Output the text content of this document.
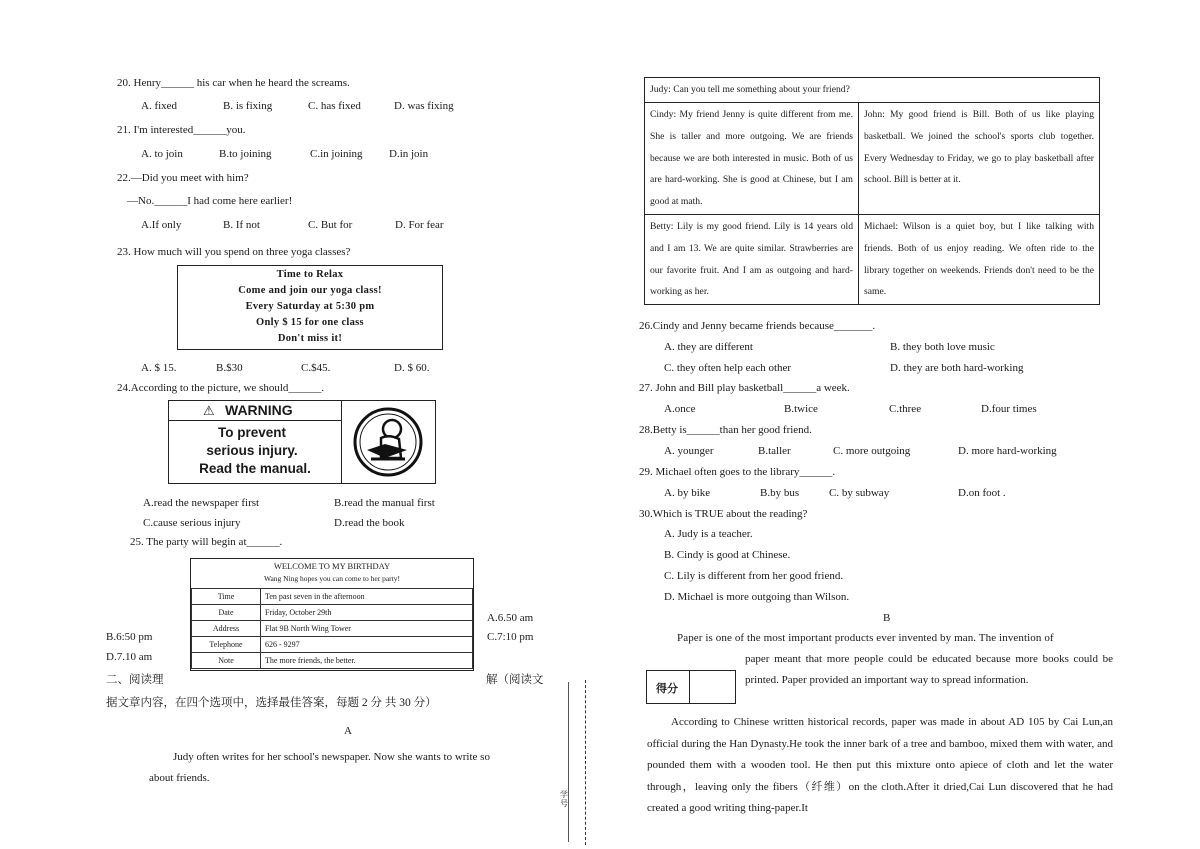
20. Henry______ his car when he heard the screams.
A. fixed	B. is fixing	C. has fixed	D. was fixing
21. I'm interested______you.
A. to join	B.to joining	C.in joining D.in join
22.—Did you meet with him?
—No.______I had come here earlier!
A.If only	B. If not	C. But for	D. For fear
23. How much will you spend on three yoga classes?
Time to Relax
Come and join our yoga class!
Every Saturday at 5:30 pm
Only $ 15 for one class
Don't miss it!
A. $ 15.	B.$30	C.$45.	D. $ 60.
24.According to the picture, we should______.
⚠ WARNING
To prevent
serious injury.
Read the manual.
A.read the newspaper first	B.read the manual first
C.cause serious injury	D.read the book
25. The party will begin at______.
WELCOME TO MY BIRTHDAY
Wang Ning hopes you can come to her party!
Time	Ten past seven in the afternoon
Date	Friday, October 29th
Address	Flat 9B North Wing Tower
Telephone	626 - 9297
Note	The more friends, the better.
A.6.50 am
B.6:50 pm	C.7:10 pm
D.7.10 am
二、阅读理	解（阅读文
据文章内容，在四个选项中，选择最佳答案，每题 2 分 共 30 分）
A
Judy often writes for her school's newspaper. Now she wants to write so
about friends.
学号

Judy: Can you tell me something about your friend?	
Cindy: My friend Jenny is quite different from me. She is taller and more outgoing. We are friends because we are both interested in music. Both of us are hard-working. She is good at Chinese, but I am good at math.	John: My good friend is Bill. Both of us like playing basketball. We joined the school's sports club together. Every Wednesday to Friday, we go to play basketball after school. Bill is better at it.
Betty: Lily is my good friend. Lily is 14 years old and I am 13. We are quite similar. Strawberries are our favorite fruit. And I am as outgoing and hard-working as her.	Michael: Wilson is a quiet boy, but I like talking with friends. Both of us enjoy reading. We often ride to the library together on weekends. Friends don't need to be the same.
26.Cindy and Jenny became friends because_______.
A. they are different	B. they both love music
C. they often help each other	D. they are both hard-working
27. John and Bill play basketball______a week.
A.once	B.twice	C.three	D.four times
28.Betty is______than her good friend.
A. younger	B.taller	C. more outgoing	D. more hard-working
29. Michael often goes to the library______.
A. by bike	B.by bus	C. by subway	D.on foot .
30.Which is TRUE about the reading?
A. Judy is a teacher.
B. Cindy is good at Chinese.
C. Lily is different from her good friend.
D. Michael is more outgoing than Wilson.
B
Paper is one of the most important products ever invented by man. The invention of
得分
paper meant that more people could be educated because more books could be printed. Paper provided an important way to spread information.
According to Chinese written historical records, paper was made in about AD 105 by Cai Lun,an official during the Han Dynasty.He took the inner bark of a tree and bamboo, mixed them with water, and pounded them with a wooden tool. He then put this mixture onto apiece of cloth and let the water through，leaving only the fibers（纤维）on the cloth.After it dried,Cai Lun discovered that he had created a good writing thing-paper.It
